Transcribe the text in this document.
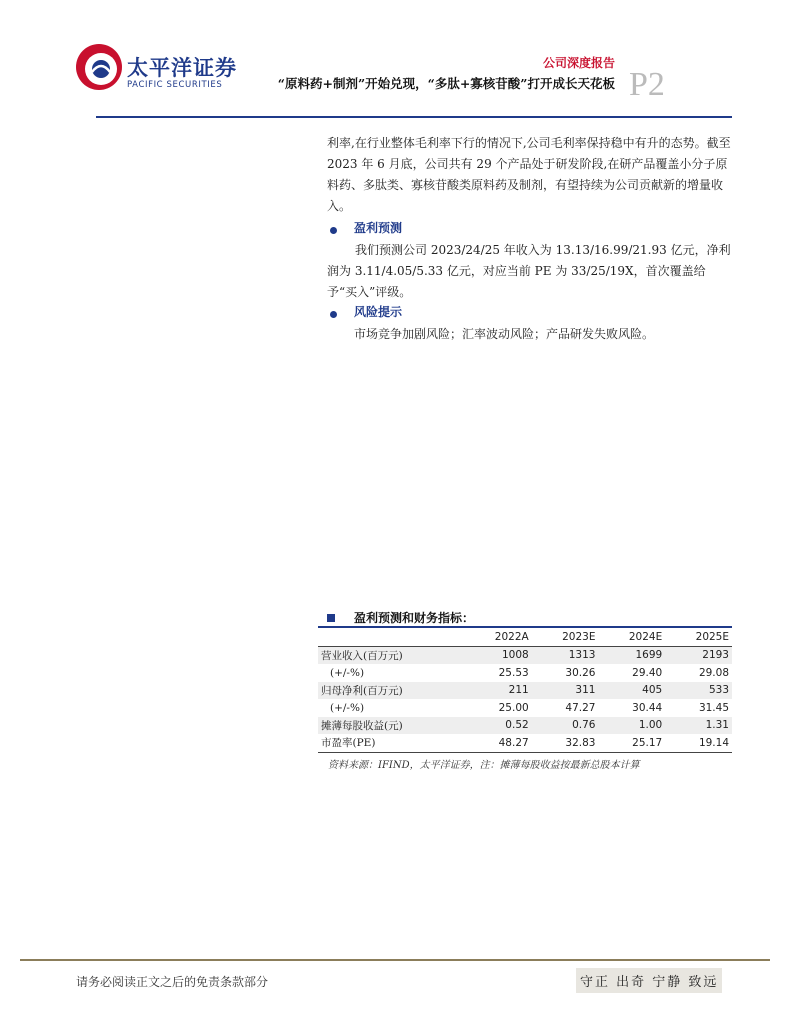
太平洋证券
PACIFIC SECURITIES
公司深度报告
“原料药+制剂”开始兑现，“多肽+寡核苷酸”打开成长天花板 P2
利率,在行业整体毛利率下行的情况下,公司毛利率保持稳中有升的态势。截至 2023 年 6 月底，公司共有 29 个产品处于研发阶段,在研产品覆盖小分子原料药、多肽类、寡核苷酸类原料药及制剂，有望持续为公司贡献新的增量收入。
盈利预测
我们预测公司 2023/24/25 年收入为 13.13/16.99/21.93 亿元，净利润为 3.11/4.05/5.33 亿元，对应当前 PE 为 33/25/19X，首次覆盖给予“买入”评级。
风险提示
市场竞争加剧风险；汇率波动风险；产品研发失败风险。
盈利预测和财务指标：
	2022A	2023E	2024E	2025E
营业收入(百万元)	1008	1313	1699	2193
(+/-%)	25.53	30.26	29.40	29.08
归母净利(百万元)	211	311	405	533
(+/-%)	25.00	47.27	30.44	31.45
摊薄每股收益(元)	0.52	0.76	1.00	1.31
市盈率(PE)	48.27	32.83	25.17	19.14
资料来源：IFIND，太平洋证券，注：摊薄每股收益按最新总股本计算
请务必阅读正文之后的免责条款部分	守正 出奇 宁静 致远
